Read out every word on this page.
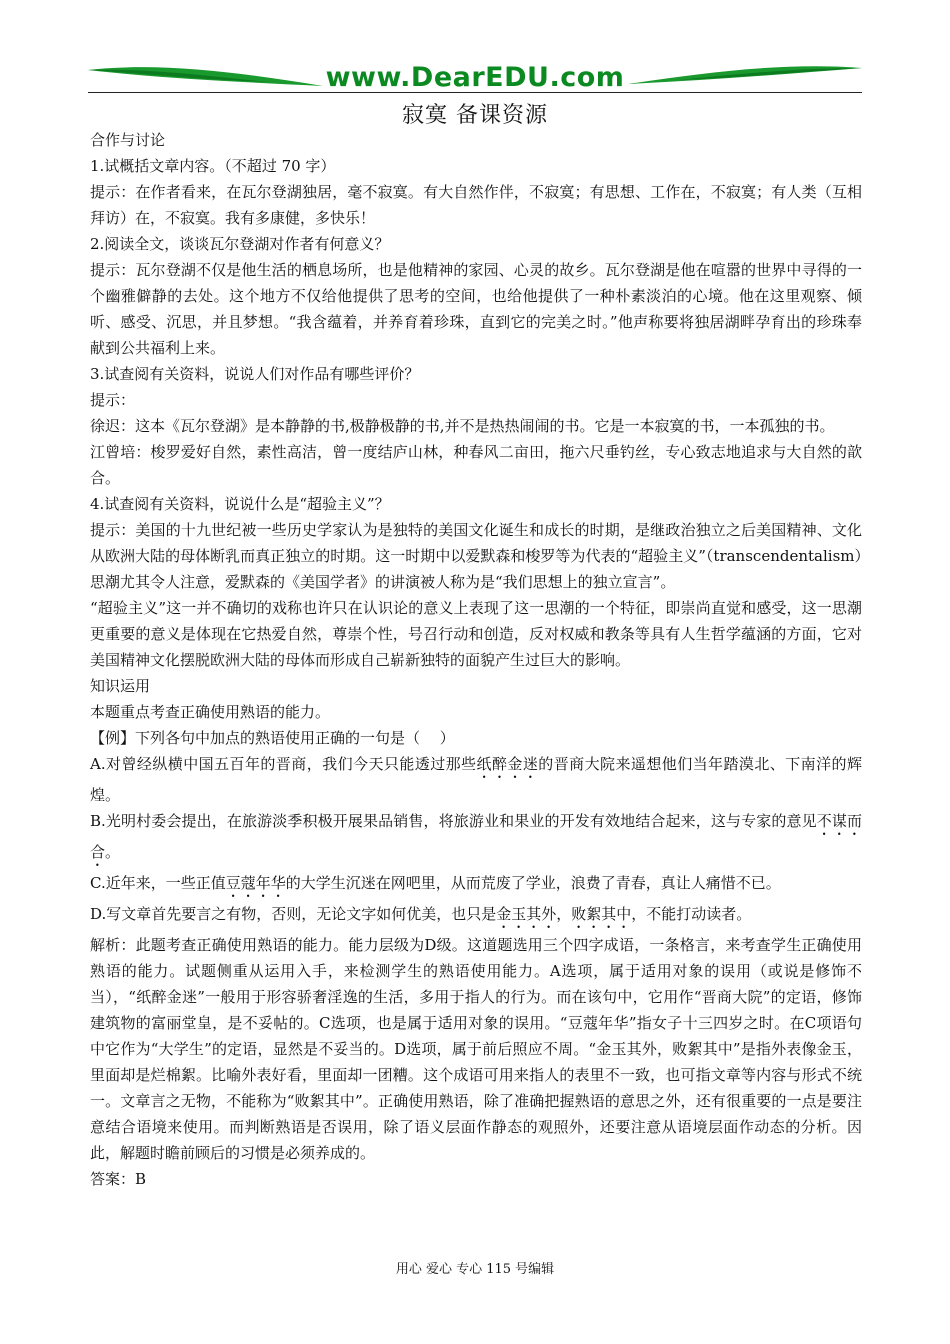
www.DearEDU.com
寂寞 备课资源

合作与讨论

1.试概括文章内容。（不超过 70 字）

提示：在作者看来，在瓦尔登湖独居，毫不寂寞。有大自然作伴，不寂寞；有思想、工作在，不寂寞；有人类（互相拜访）在，不寂寞。我有多康健，多快乐！

2.阅读全文，谈谈瓦尔登湖对作者有何意义？

提示：瓦尔登湖不仅是他生活的栖息场所，也是他精神的家园、心灵的故乡。瓦尔登湖是他在喧嚣的世界中寻得的一个幽雅僻静的去处。这个地方不仅给他提供了思考的空间，也给他提供了一种朴素淡泊的心境。他在这里观察、倾听、感受、沉思，并且梦想。“我含蕴着，并养育着珍珠，直到它的完美之时。”他声称要将独居湖畔孕育出的珍珠奉献到公共福利上来。

3.试查阅有关资料，说说人们对作品有哪些评价？

提示：

徐迟：这本《瓦尔登湖》是本静静的书,极静极静的书,并不是热热闹闹的书。它是一本寂寞的书，一本孤独的书。

江曾培：梭罗爱好自然，素性高洁，曾一度结庐山林，种春风二亩田，拖六尺垂钓丝，专心致志地追求与大自然的歆合。

4.试查阅有关资料，说说什么是“超验主义”？

提示：美国的十九世纪被一些历史学家认为是独特的美国文化诞生和成长的时期，是继政治独立之后美国精神、文化从欧洲大陆的母体断乳而真正独立的时期。这一时期中以爱默森和梭罗等为代表的“超验主义”（transcendentalism）思潮尤其令人注意，爱默森的《美国学者》的讲演被人称为是“我们思想上的独立宣言”。

“超验主义”这一并不确切的戏称也许只在认识论的意义上表现了这一思潮的一个特征，即崇尚直觉和感受，这一思潮更重要的意义是体现在它热爱自然，尊崇个性，号召行动和创造，反对权威和教条等具有人生哲学蕴涵的方面，它对美国精神文化摆脱欧洲大陆的母体而形成自己崭新独特的面貌产生过巨大的影响。

知识运用

本题重点考查正确使用熟语的能力。

【例】下列各句中加点的熟语使用正确的一句是（　 ）

A.对曾经纵横中国五百年的晋商，我们今天只能透过那些纸醉金迷的晋商大院来遥想他们当年踏漠北、下南洋的辉煌。

B.光明村委会提出，在旅游淡季积极开展果品销售，将旅游业和果业的开发有效地结合起来，这与专家的意见不谋而合。

C.近年来，一些正值豆蔻年华的大学生沉迷在网吧里，从而荒废了学业，浪费了青春，真让人痛惜不已。

D.写文章首先要言之有物，否则，无论文字如何优美，也只是金玉其外，败絮其中，不能打动读者。

解析：此题考查正确使用熟语的能力。能力层级为D级。这道题选用三个四字成语，一条格言，来考查学生正确使用熟语的能力。试题侧重从运用入手，来检测学生的熟语使用能力。A选项，属于适用对象的误用（或说是修饰不当），“纸醉金迷”一般用于形容骄奢淫逸的生活，多用于指人的行为。而在该句中，它用作“晋商大院”的定语，修饰建筑物的富丽堂皇，是不妥帖的。C选项，也是属于适用对象的误用。“豆蔻年华”指女子十三四岁之时。在C项语句中它作为“大学生”的定语，显然是不妥当的。D选项，属于前后照应不周。“金玉其外，败絮其中”是指外表像金玉，里面却是烂棉絮。比喻外表好看，里面却一团糟。这个成语可用来指人的表里不一致，也可指文章等内容与形式不统一。文章言之无物，不能称为“败絮其中”。正确使用熟语，除了准确把握熟语的意思之外，还有很重要的一点是要注意结合语境来使用。而判断熟语是否误用，除了语义层面作静态的观照外，还要注意从语境层面作动态的分析。因此，解题时瞻前顾后的习惯是必须养成的。

答案：B

用心 爱心 专心 115 号编辑
